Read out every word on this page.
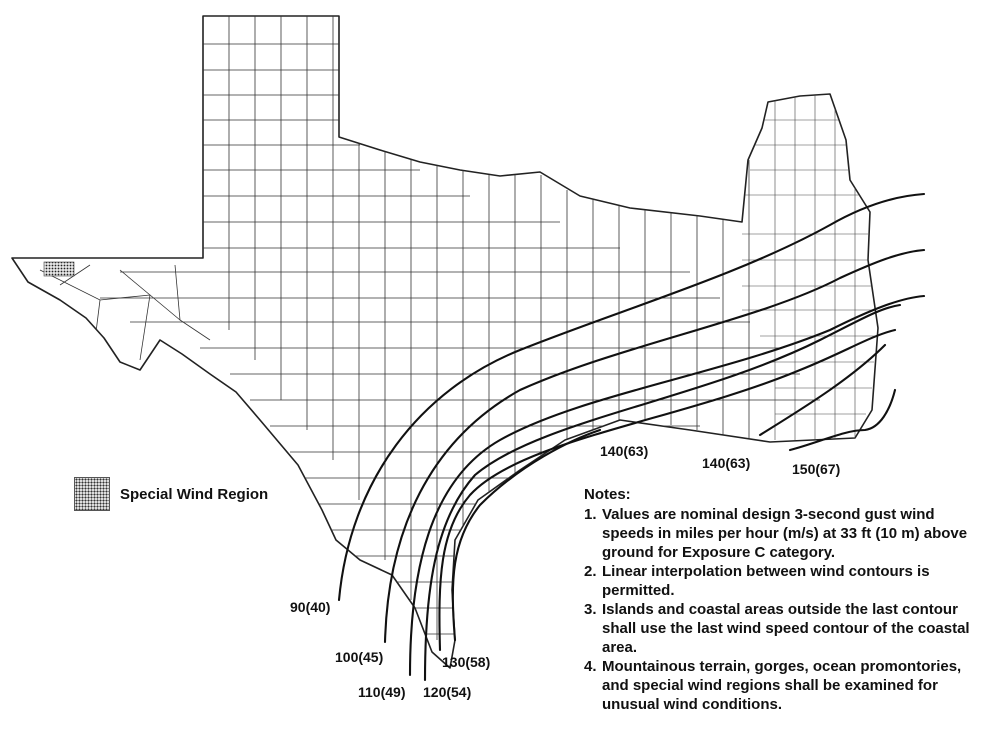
90(40)
100(45)
110(49) 120(54)
130(58)
140(63)
140(63)	150(67)
Special Wind Region	Notes:
1. Values are nominal design 3-second gust wind speeds in miles per hour (m/s) at 33 ft (10 m) above ground for Exposure C category.
2. Linear interpolation between wind contours is permitted.
3. Islands and coastal areas outside the last contour shall use the last wind speed contour of the coastal area.
4. Mountainous terrain, gorges, ocean promontories, and special wind regions shall be examined for unusual wind conditions.
